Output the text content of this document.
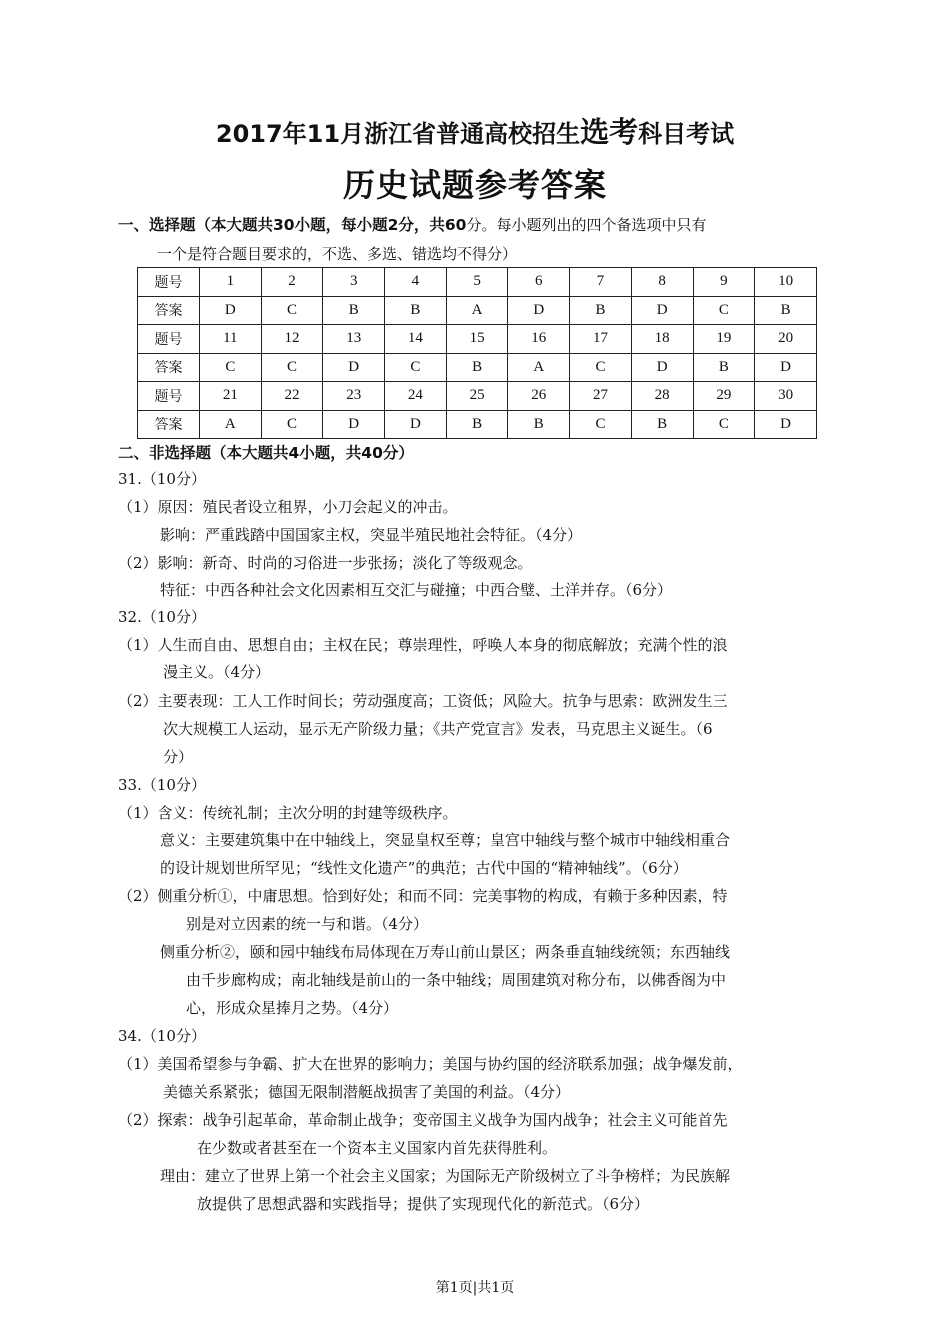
2017年11月浙江省普通高校招生选考科目考试
历史试题参考答案
一、选择题（本大题共30小题，每小题2分，共60分。每小题列出的四个备选项中只有
一个是符合题目要求的，不选、多选、错选均不得分）
题号	1	2	3	4	5	6	7	8	9	10
答案	D	C	B	B	A	D	B	D	C	B
题号	11	12	13	14	15	16	17	18	19	20
答案	C	C	D	C	B	A	C	D	B	D
题号	21	22	23	24	25	26	27	28	29	30
答案	A	C	D	D	B	B	C	B	C	D
二、非选择题（本大题共4小题，共40分）
31.（10分）
（1）原因：殖民者设立租界，小刀会起义的冲击。
影响：严重践踏中国国家主权，突显半殖民地社会特征。（4分）
（2）影响：新奇、时尚的习俗进一步张扬；淡化了等级观念。
特征：中西各种社会文化因素相互交汇与碰撞；中西合璧、土洋并存。（6分）
32.（10分）
（1）人生而自由、思想自由；主权在民；尊崇理性，呼唤人本身的彻底解放；充满个性的浪
漫主义。（4分）
（2）主要表现：工人工作时间长；劳动强度高；工资低；风险大。抗争与思索：欧洲发生三
次大规模工人运动，显示无产阶级力量；《共产党宣言》发表，马克思主义诞生。（6
分）
33.（10分）
（1）含义：传统礼制；主次分明的封建等级秩序。
意义：主要建筑集中在中轴线上，突显皇权至尊；皇宫中轴线与整个城市中轴线相重合
的设计规划世所罕见；“线性文化遗产”的典范；古代中国的“精神轴线”。（6分）
（2）侧重分析①，中庸思想。恰到好处；和而不同：完美事物的构成，有赖于多种因素，特
别是对立因素的统一与和谐。（4分）
侧重分析②，颐和园中轴线布局体现在万寿山前山景区；两条垂直轴线统领；东西轴线
由千步廊构成；南北轴线是前山的一条中轴线；周围建筑对称分布，以佛香阁为中
心，形成众星捧月之势。（4分）
34.（10分）
（1）美国希望参与争霸、扩大在世界的影响力；美国与协约国的经济联系加强；战争爆发前，
美德关系紧张；德国无限制潜艇战损害了美国的利益。（4分）
（2）探索：战争引起革命，革命制止战争；变帝国主义战争为国内战争；社会主义可能首先
在少数或者甚至在一个资本主义国家内首先获得胜利。
理由：建立了世界上第一个社会主义国家；为国际无产阶级树立了斗争榜样；为民族解
放提供了思想武器和实践指导；提供了实现现代化的新范式。（6分）
第1页|共1页
